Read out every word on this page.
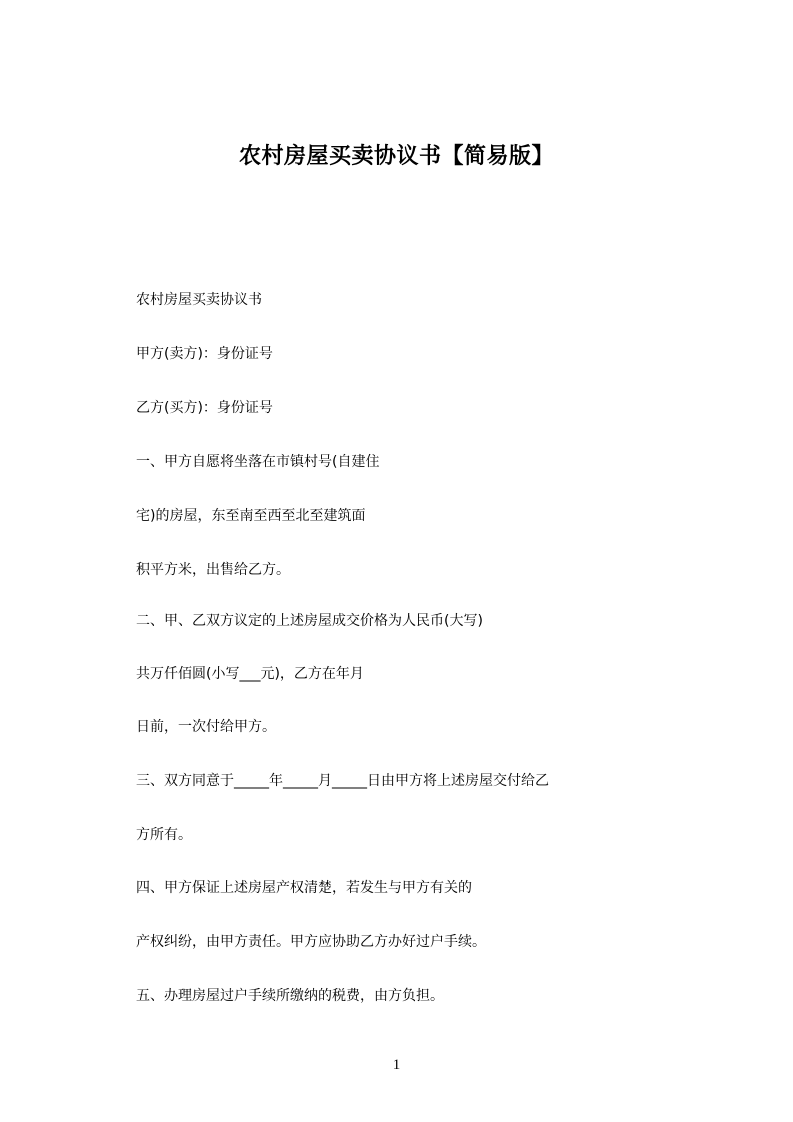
农村房屋买卖协议书【简易版】
农村房屋买卖协议书
甲方(卖方)：身份证号
乙方(买方)：身份证号
一、甲方自愿将坐落在市镇村号(自建住
宅)的房屋，东至南至西至北至建筑面
积平方米，出售给乙方。
二、甲、乙双方议定的上述房屋成交价格为人民币(大写)
共万仟佰圆(小写___元)，乙方在年月
日前，一次付给甲方。
三、双方同意于_____年_____月_____日由甲方将上述房屋交付给乙
方所有。
四、甲方保证上述房屋产权清楚，若发生与甲方有关的
产权纠纷，由甲方责任。甲方应协助乙方办好过户手续。
五、办理房屋过户手续所缴纳的税费，由方负担。
1
